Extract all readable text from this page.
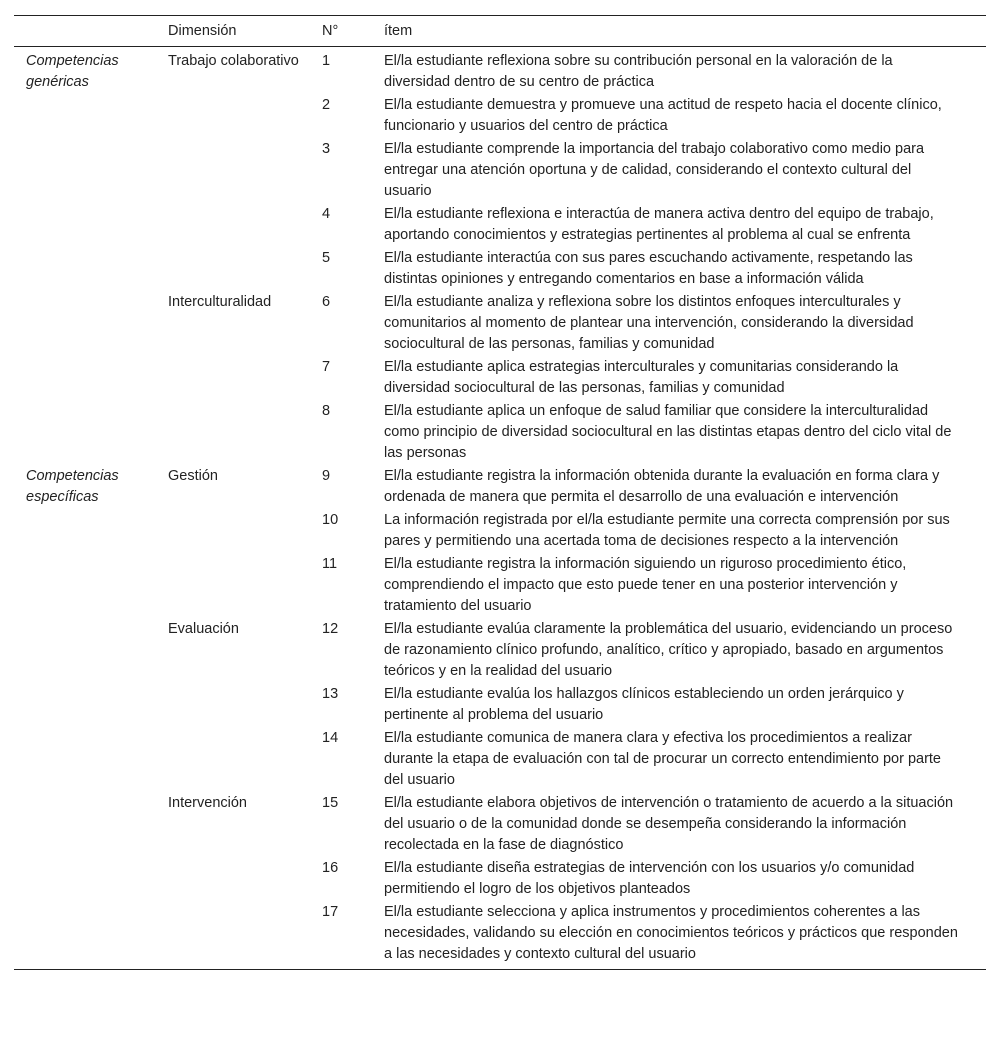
	Dimensión	N°	ítem
Competencias genéricas	Trabajo colaborativo	1	El/la estudiante reflexiona sobre su contribución personal en la valoración de la diversidad dentro de su centro de práctica
		2	El/la estudiante demuestra y promueve una actitud de respeto hacia el docente clínico, funcionario y usuarios del centro de práctica
		3	El/la estudiante comprende la importancia del trabajo colaborativo como medio para entregar una atención oportuna y de calidad, considerando el contexto cultural del usuario
		4	El/la estudiante reflexiona e interactúa de manera activa dentro del equipo de trabajo, aportando conocimientos y estrategias pertinentes al problema al cual se enfrenta
		5	El/la estudiante interactúa con sus pares escuchando activamente, respetando las distintas opiniones y entregando comentarios en base a información válida
	Interculturalidad	6	El/la estudiante analiza y reflexiona sobre los distintos enfoques interculturales y comunitarios al momento de plantear una intervención, considerando la diversidad sociocultural de las personas, familias y comunidad
		7	El/la estudiante aplica estrategias interculturales y comunitarias considerando la diversidad sociocultural de las personas, familias y comunidad
		8	El/la estudiante aplica un enfoque de salud familiar que considere la interculturalidad como principio de diversidad sociocultural en las distintas etapas dentro del ciclo vital de las personas
Competencias específicas	Gestión	9	El/la estudiante registra la información obtenida durante la evaluación en forma clara y ordenada de manera que permita el desarrollo de una evaluación e intervención
		10	La información registrada por el/la estudiante permite una correcta comprensión por sus pares y permitiendo una acertada toma de decisiones respecto a la intervención
		11	El/la estudiante registra la información siguiendo un riguroso procedimiento ético, comprendiendo el impacto que esto puede tener en una posterior intervención y tratamiento del usuario
	Evaluación	12	El/la estudiante evalúa claramente la problemática del usuario, evidenciando un proceso de razonamiento clínico profundo, analítico, crítico y apropiado, basado en argumentos teóricos y en la realidad del usuario
		13	El/la estudiante evalúa los hallazgos clínicos estableciendo un orden jerárquico y pertinente al problema del usuario
		14	El/la estudiante comunica de manera clara y efectiva los procedimientos a realizar durante la etapa de evaluación con tal de procurar un correcto entendimiento por parte del usuario
	Intervención	15	El/la estudiante elabora objetivos de intervención o tratamiento de acuerdo a la situación del usuario o de la comunidad donde se desempeña considerando la información recolectada en la fase de diagnóstico
		16	El/la estudiante diseña estrategias de intervención con los usuarios y/o comunidad permitiendo el logro de los objetivos planteados
		17	El/la estudiante selecciona y aplica instrumentos y procedimientos coherentes a las necesidades, validando su elección en conocimientos teóricos y prácticos que responden a las necesidades y contexto cultural del usuario
